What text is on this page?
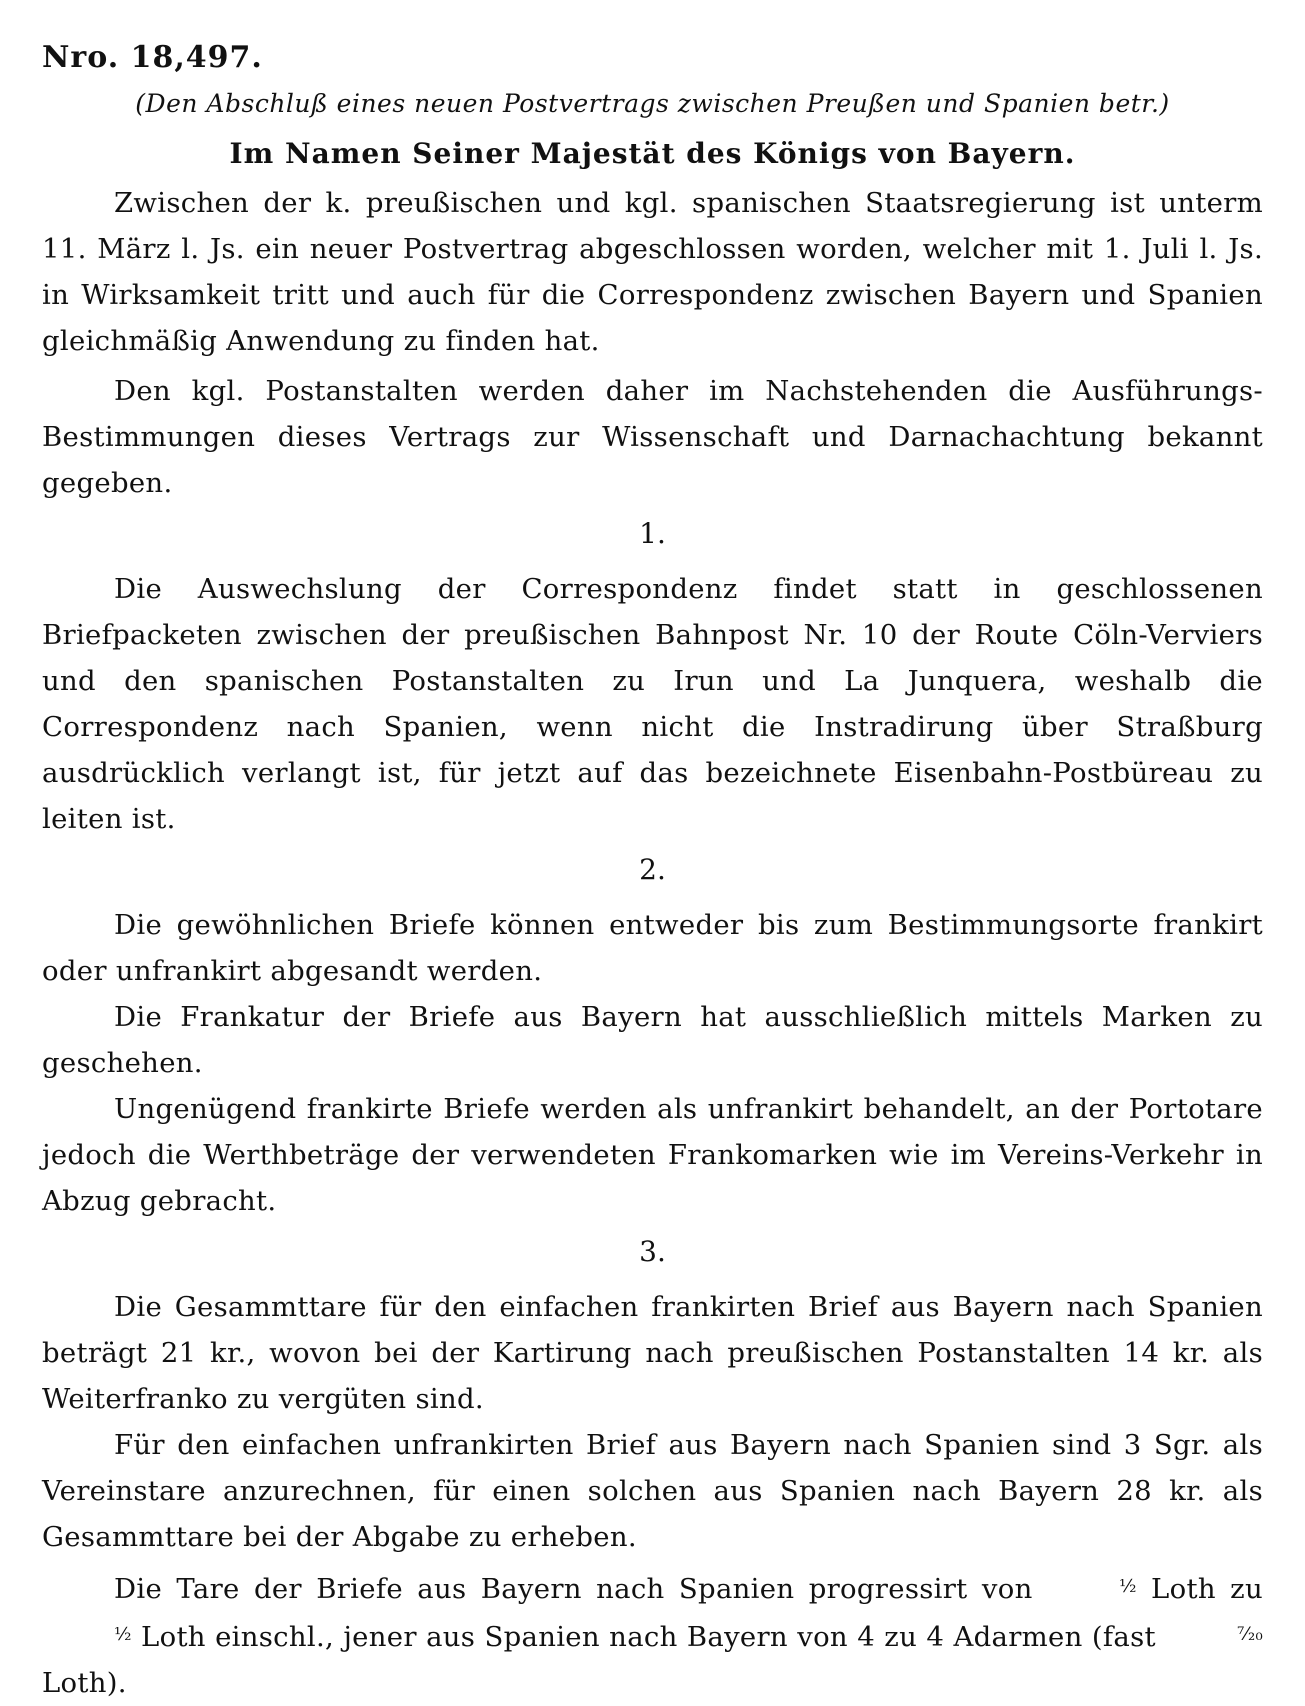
Nro. 18,497.
(Den Abschluß eines neuen Postvertrags zwischen Preußen und Spanien betr.)
Im Namen Seiner Majestät des Königs von Bayern.

Zwischen der k. preußischen und kgl. spanischen Staatsregierung ist unterm 11. März l. Js. ein neuer Postvertrag abgeschlossen worden, welcher mit 1. Juli l. Js. in Wirksamkeit tritt und auch für die Correspondenz zwischen Bayern und Spanien gleichmäßig Anwendung zu finden hat.

Den kgl. Postanstalten werden daher im Nachstehenden die Ausführungs-Bestimmungen dieses Vertrags zur Wissenschaft und Darnachachtung bekannt gegeben.

1.

Die Auswechslung der Correspondenz findet statt in geschlossenen Briefpacketen zwischen der preußischen Bahnpost Nr. 10 der Route Cöln-Verviers und den spanischen Postanstalten zu Irun und La Junquera, weshalb die Correspondenz nach Spanien, wenn nicht die Instradirung über Straßburg ausdrücklich verlangt ist, für jetzt auf das bezeichnete Eisenbahn-Postbüreau zu leiten ist.

2.

Die gewöhnlichen Briefe können entweder bis zum Bestimmungsorte frankirt oder unfrankirt abgesandt werden.

Die Frankatur der Briefe aus Bayern hat ausschließlich mittels Marken zu geschehen.

Ungenügend frankirte Briefe werden als unfrankirt behandelt, an der Portotare jedoch die Werthbeträge der verwendeten Frankomarken wie im Vereins-Verkehr in Abzug gebracht.

3.

Die Gesammttare für den einfachen frankirten Brief aus Bayern nach Spanien beträgt 21 kr., wovon bei der Kartirung nach preußischen Postanstalten 14 kr. als Weiterfranko zu vergüten sind.

Für den einfachen unfrankirten Brief aus Bayern nach Spanien sind 3 Sgr. als Vereinstare anzurechnen, für einen solchen aus Spanien nach Bayern 28 kr. als Gesammttare bei der Abgabe zu erheben.

Die Tare der Briefe aus Bayern nach Spanien progressirt von	½ Loth zu ½ Loth einschl., jener aus Spanien nach Bayern von 4 zu 4 Adarmen (fast	⁷⁄₂₀ Loth).
